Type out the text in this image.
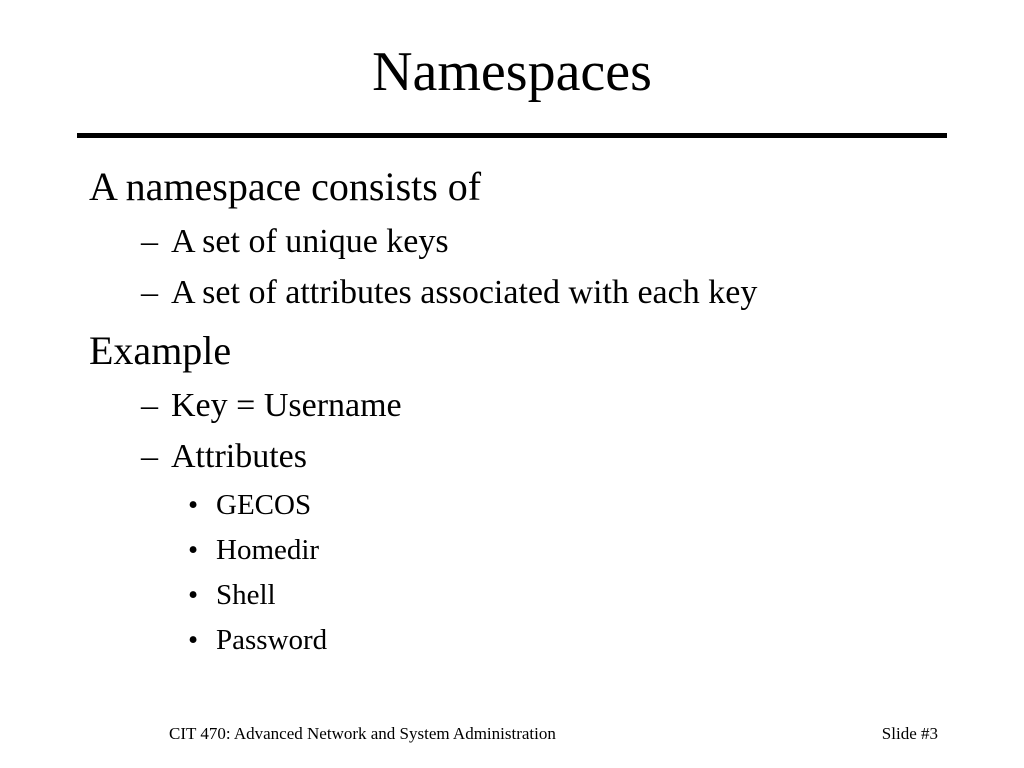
Namespaces
A namespace consists of
– A set of unique keys
– A set of attributes associated with each key
Example
– Key = Username
– Attributes
• GECOS
• Homedir
• Shell
• Password
CIT 470: Advanced Network and System Administration	Slide #3
